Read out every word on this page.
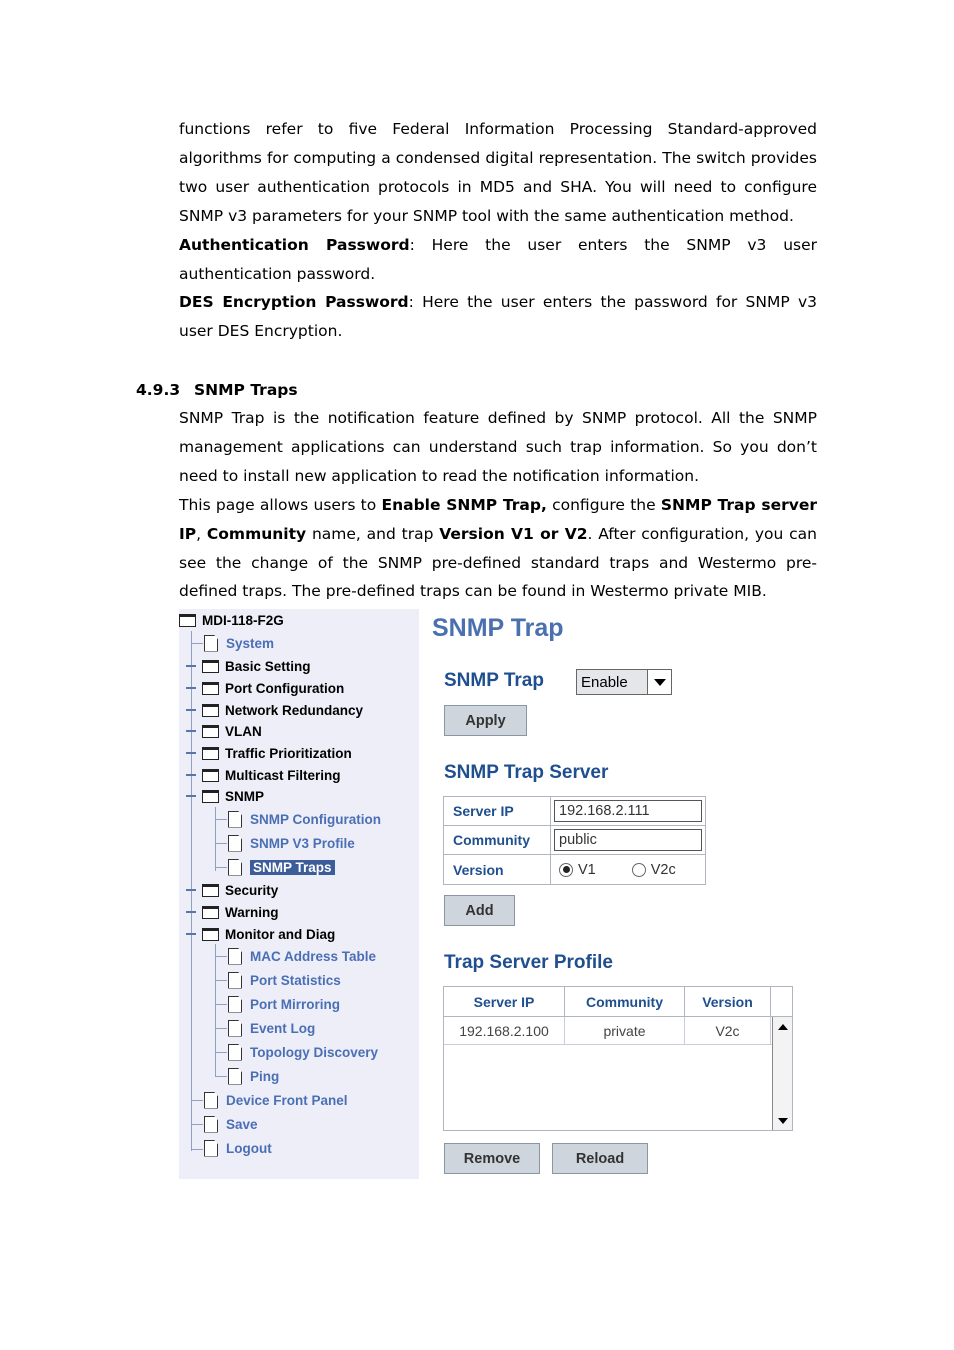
functions refer to five Federal Information Processing Standard-approved algorithms for computing a condensed digital representation. The switch provides two user authentication protocols in MD5 and SHA. You will need to configure SNMP v3 parameters for your SNMP tool with the same authentication method.

Authentication Password: Here the user enters the SNMP v3 user authentication password.

DES Encryption Password: Here the user enters the password for SNMP v3 user DES Encryption.

4.9.3 SNMP Traps

SNMP Trap is the notification feature defined by SNMP protocol. All the SNMP management applications can understand such trap information. So you don’t need to install new application to read the notification information.

This page allows users to Enable SNMP Trap, configure the SNMP Trap server IP, Community name, and trap Version V1 or V2. After configuration, you can see the change of the SNMP pre-defined standard traps and Westermo pre-defined traps. The pre-defined traps can be found in Westermo private MIB.

MDI-118-F2G
System
Basic Setting
Port Configuration
Network Redundancy
VLAN
Traffic Prioritization
Multicast Filtering
SNMP
SNMP Configuration
SNMP V3 Profile
SNMP Traps
Security
Warning
Monitor and Diag
MAC Address Table
Port Statistics
Port Mirroring
Event Log
Topology Discovery
Ping
Device Front Panel
Save
Logout
SNMP Trap
SNMP Trap Enable
Apply
SNMP Trap Server
Server IP	192.168.2.111
Community	public
Version	V1	V2c
Add
Trap Server Profile
Server IP	Community	Version
192.168.2.100	private	V2c
Remove	Reload
